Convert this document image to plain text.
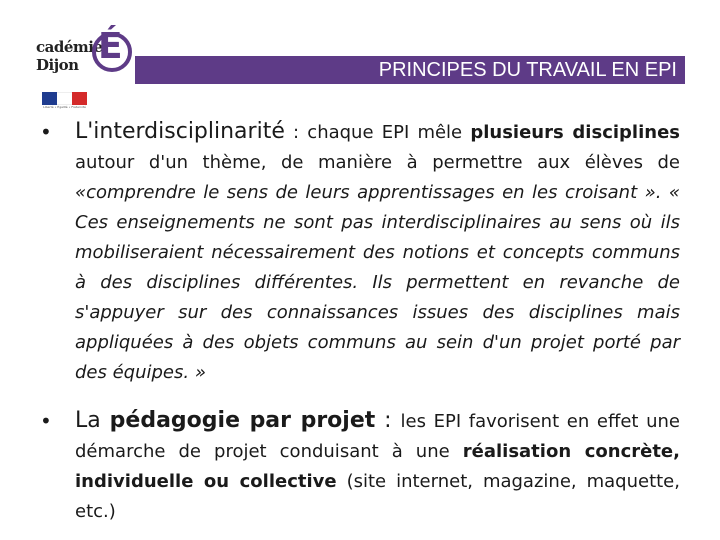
cadémie
Dijon É
Liberté • Égalité • Fraternité
PRINCIPES DU TRAVAIL EN EPI
• L'interdisciplinarité : chaque EPI mêle plusieurs disciplines autour d'un thème, de manière à permettre aux élèves de «comprendre le sens de leurs apprentissages en les croisant ». « Ces enseignements ne sont pas interdisciplinaires au sens où ils mobiliseraient nécessairement des notions et concepts communs à des disciplines différentes. Ils permettent en revanche de s'appuyer sur des connaissances issues des disciplines mais appliquées à des objets communs au sein d'un projet porté par des équipes. »
• La pédagogie par projet : les EPI favorisent en effet une démarche de projet conduisant à une réalisation concrète, individuelle ou collective (site internet, magazine, maquette, etc.)
